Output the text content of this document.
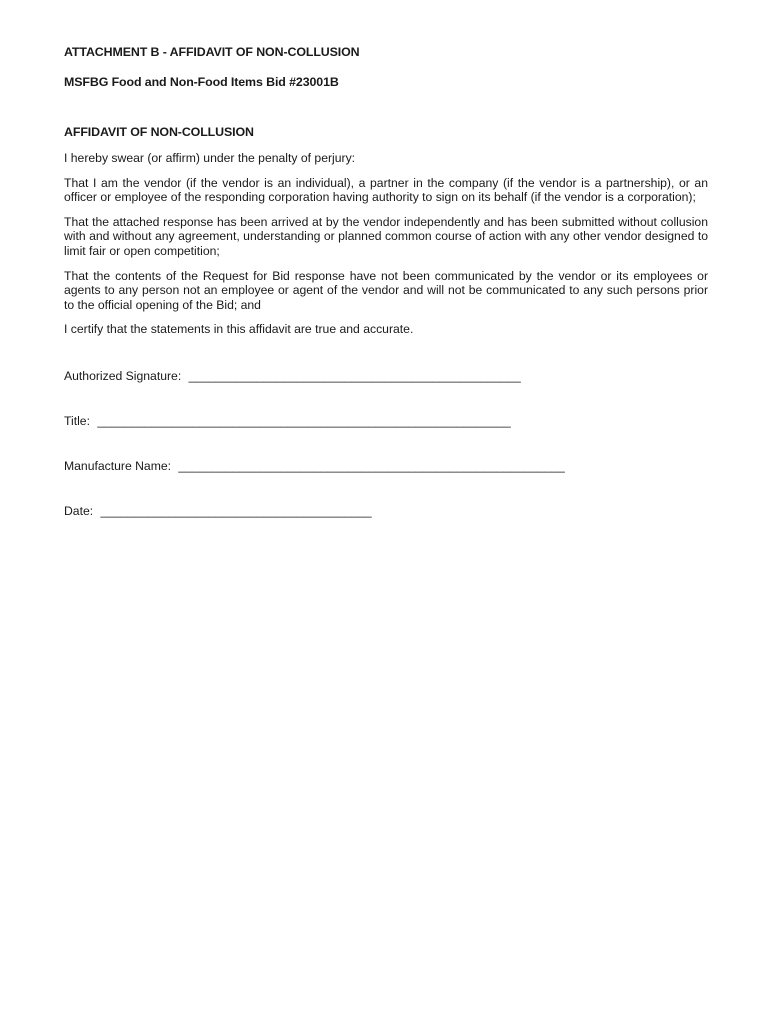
ATTACHMENT B - AFFIDAVIT OF NON-COLLUSION

MSFBG Food and Non-Food Items Bid #23001B

AFFIDAVIT OF NON-COLLUSION

I hereby swear (or affirm) under the penalty of perjury:

That I am the vendor (if the vendor is an individual), a partner in the company (if the vendor is a partnership), or an officer or employee of the responding corporation having authority to sign on its behalf (if the vendor is a corporation);

That the attached response has been arrived at by the vendor independently and has been submitted without collusion with and without any agreement, understanding or planned common course of action with any other vendor designed to limit fair or open competition;

That the contents of the Request for Bid response have not been communicated by the vendor or its employees or agents to any person not an employee or agent of the vendor and will not be communicated to any such persons prior to the official opening of the Bid; and

I certify that the statements in this affidavit are true and accurate.

Authorized Signature: _________________________________________________
Title: _____________________________________________________________
Manufacture Name: _________________________________________________________
Date: ________________________________________
